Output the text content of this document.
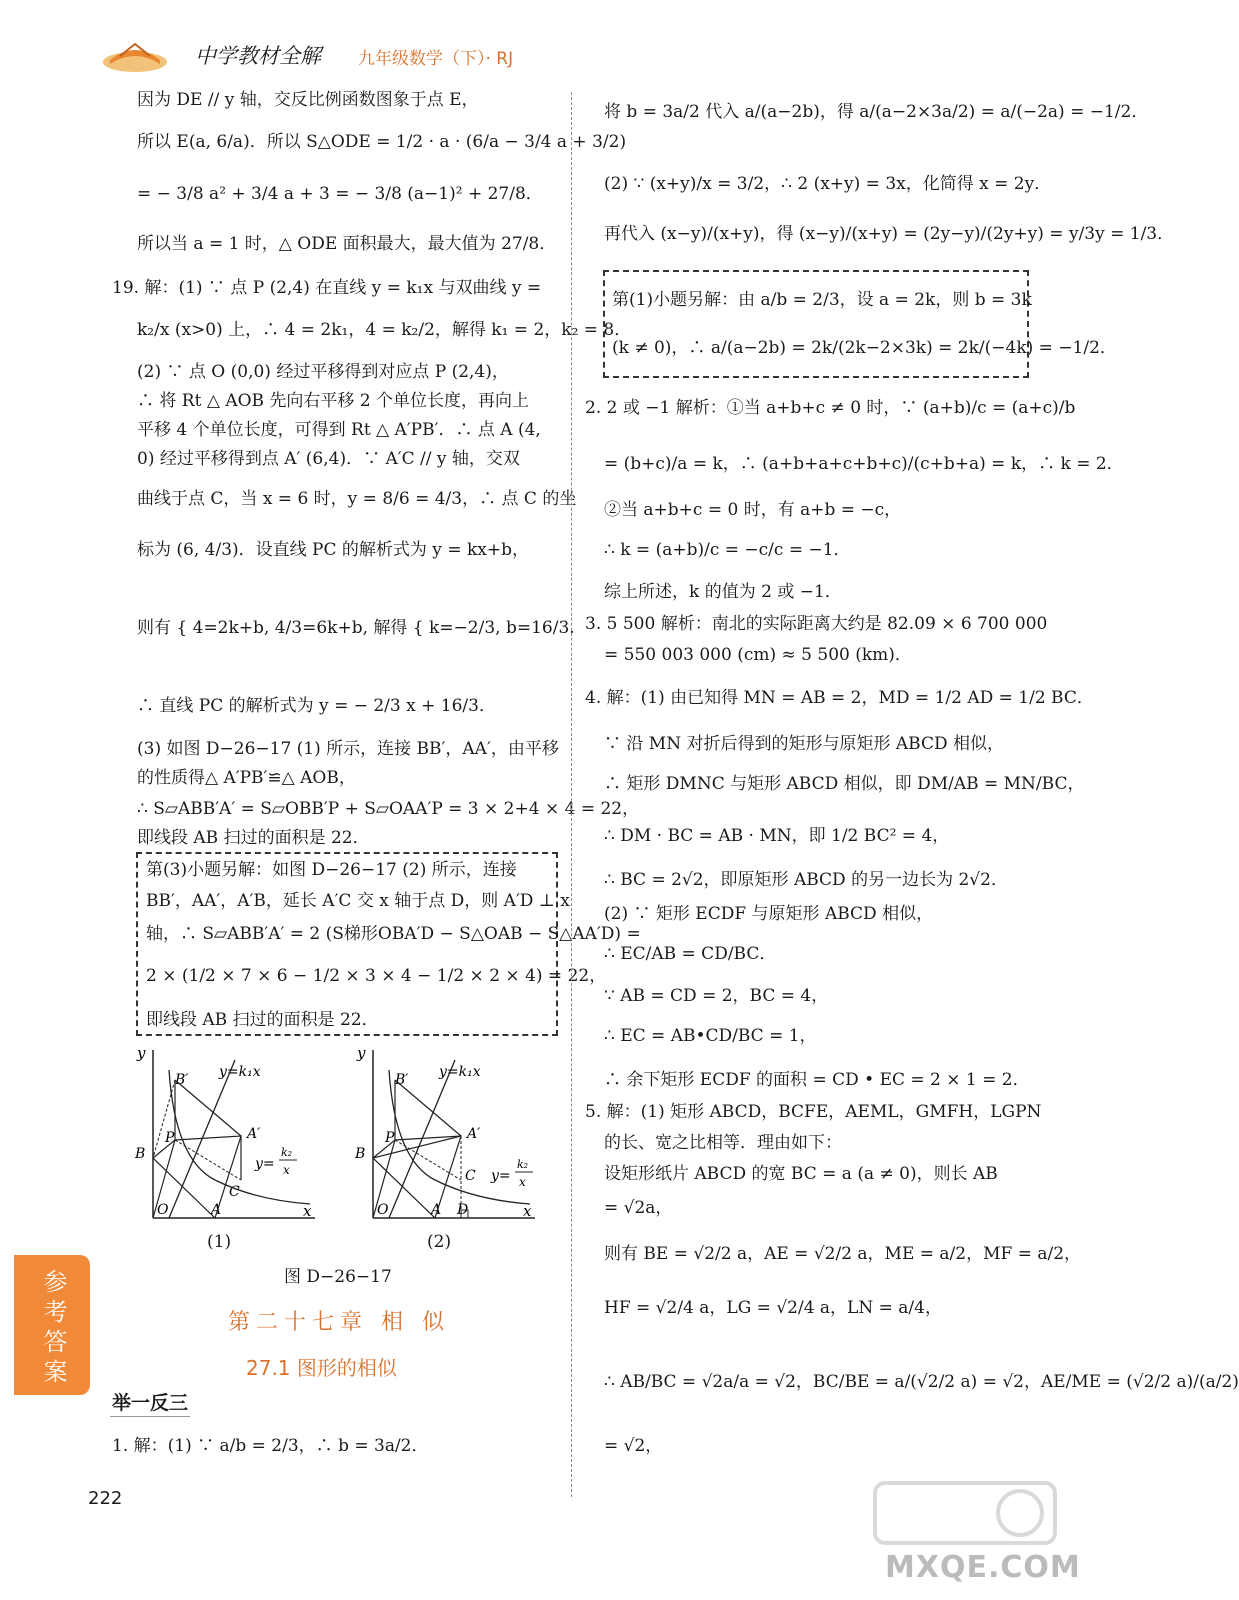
中学教材全解 九年级数学（下）· RJ
因为 DE // y 轴，交反比例函数图象于点 E，
所以 E(a, 6/a)．所以 S△ODE = 1/2 · a · (6/a − 3/4 a + 3/2)
= − 3/8 a² + 3/4 a + 3 = − 3/8 (a−1)² + 27/8．
所以当 a = 1 时，△ ODE 面积最大，最大值为 27/8．
19. 解：(1) ∵ 点 P (2,4) 在直线 y = k₁x 与双曲线 y =
k₂/x (x>0) 上，∴ 4 = 2k₁，4 = k₂/2，解得 k₁ = 2，k₂ = 8．
(2) ∵ 点 O (0,0) 经过平移得到对应点 P (2,4)，
∴ 将 Rt △ AOB 先向右平移 2 个单位长度，再向上
平移 4 个单位长度，可得到 Rt △ A′PB′．∴ 点 A (4,
0) 经过平移得到点 A′ (6,4)．∵ A′C // y 轴，交双
曲线于点 C，当 x = 6 时，y = 8/6 = 4/3，∴ 点 C 的坐
标为 (6, 4/3)．设直线 PC 的解析式为 y = kx+b，
则有 { 4=2k+b, 4/3=6k+b, 解得 { k=−2/3, b=16/3.
∴ 直线 PC 的解析式为 y = − 2/3 x + 16/3．
(3) 如图 D−26−17 (1) 所示，连接 BB′，AA′，由平移
的性质得△ A′PB′≌△ AOB，
∴ S▱ABB′A′ = S▱OBB′P + S▱OAA′P = 3 × 2+4 × 4 = 22，
即线段 AB 扫过的面积是 22．
第(3)小题另解：如图 D−26−17 (2) 所示，连接
BB′，AA′，A′B，延长 A′C 交 x 轴于点 D，则 A′D ⊥ x
轴，∴ S▱ABB′A′ = 2 (S梯形OBA′D − S△OAB − S△AA′D) =
2 × (1/2 × 7 × 6 − 1/2 × 3 × 4 − 1/2 × 2 × 4) = 22，
即线段 AB 扫过的面积是 22．
y
x
O	A
B
P
B′
A′
C
y=k₁x
y=
k₂
x
y
x
O	A D
B
P
B′
A′
C
y=k₁x
y=
k₂
x
(1)	(2)
图 D−26−17
第二十七章 相 似
27.1 图形的相似
举一反三
1. 解：(1) ∵ a/b = 2/3，∴ b = 3a/2．
参考答案
222
将 b = 3a/2 代入 a/(a−2b)，得 a/(a−2×3a/2) = a/(−2a) = −1/2．
(2) ∵ (x+y)/x = 3/2，∴ 2 (x+y) = 3x，化简得 x = 2y．
再代入 (x−y)/(x+y)，得 (x−y)/(x+y) = (2y−y)/(2y+y) = y/3y = 1/3．
2. 2 或 −1 解析：①当 a+b+c ≠ 0 时，∵ (a+b)/c = (a+c)/b
= (b+c)/a = k，∴ (a+b+a+c+b+c)/(c+b+a) = k，∴ k = 2．
②当 a+b+c = 0 时，有 a+b = −c，
∴ k = (a+b)/c = −c/c = −1．
综上所述，k 的值为 2 或 −1．
3. 5 500 解析：南北的实际距离大约是 82.09 × 6 700 000
= 550 003 000 (cm) ≈ 5 500 (km)．
4. 解：(1) 由已知得 MN = AB = 2，MD = 1/2 AD = 1/2 BC．
∵ 沿 MN 对折后得到的矩形与原矩形 ABCD 相似，
∴ 矩形 DMNC 与矩形 ABCD 相似，即 DM/AB = MN/BC，
∴ DM · BC = AB · MN，即 1/2 BC² = 4，
∴ BC = 2√2，即原矩形 ABCD 的另一边长为 2√2．
(2) ∵ 矩形 ECDF 与原矩形 ABCD 相似，
∴ EC/AB = CD/BC．
∵ AB = CD = 2，BC = 4，
∴ EC = AB•CD/BC = 1，
∴ 余下矩形 ECDF 的面积 = CD • EC = 2 × 1 = 2．
5. 解：(1) 矩形 ABCD，BCFE，AEML，GMFH，LGPN
的长、宽之比相等．理由如下：
设矩形纸片 ABCD 的宽 BC = a (a ≠ 0)，则长 AB
= √2a，
则有 BE = √2/2 a，AE = √2/2 a，ME = a/2，MF = a/2，
HF = √2/4 a，LG = √2/4 a，LN = a/4，
∴ AB/BC = √2a/a = √2，BC/BE = a/(√2/2 a) = √2，AE/ME = (√2/2 a)/(a/2)
= √2，
第(1)小题另解：由 a/b = 2/3，设 a = 2k，则 b = 3k
(k ≠ 0)，∴ a/(a−2b) = 2k/(2k−2×3k) = 2k/(−4k) = −1/2．
MXQE.COM
